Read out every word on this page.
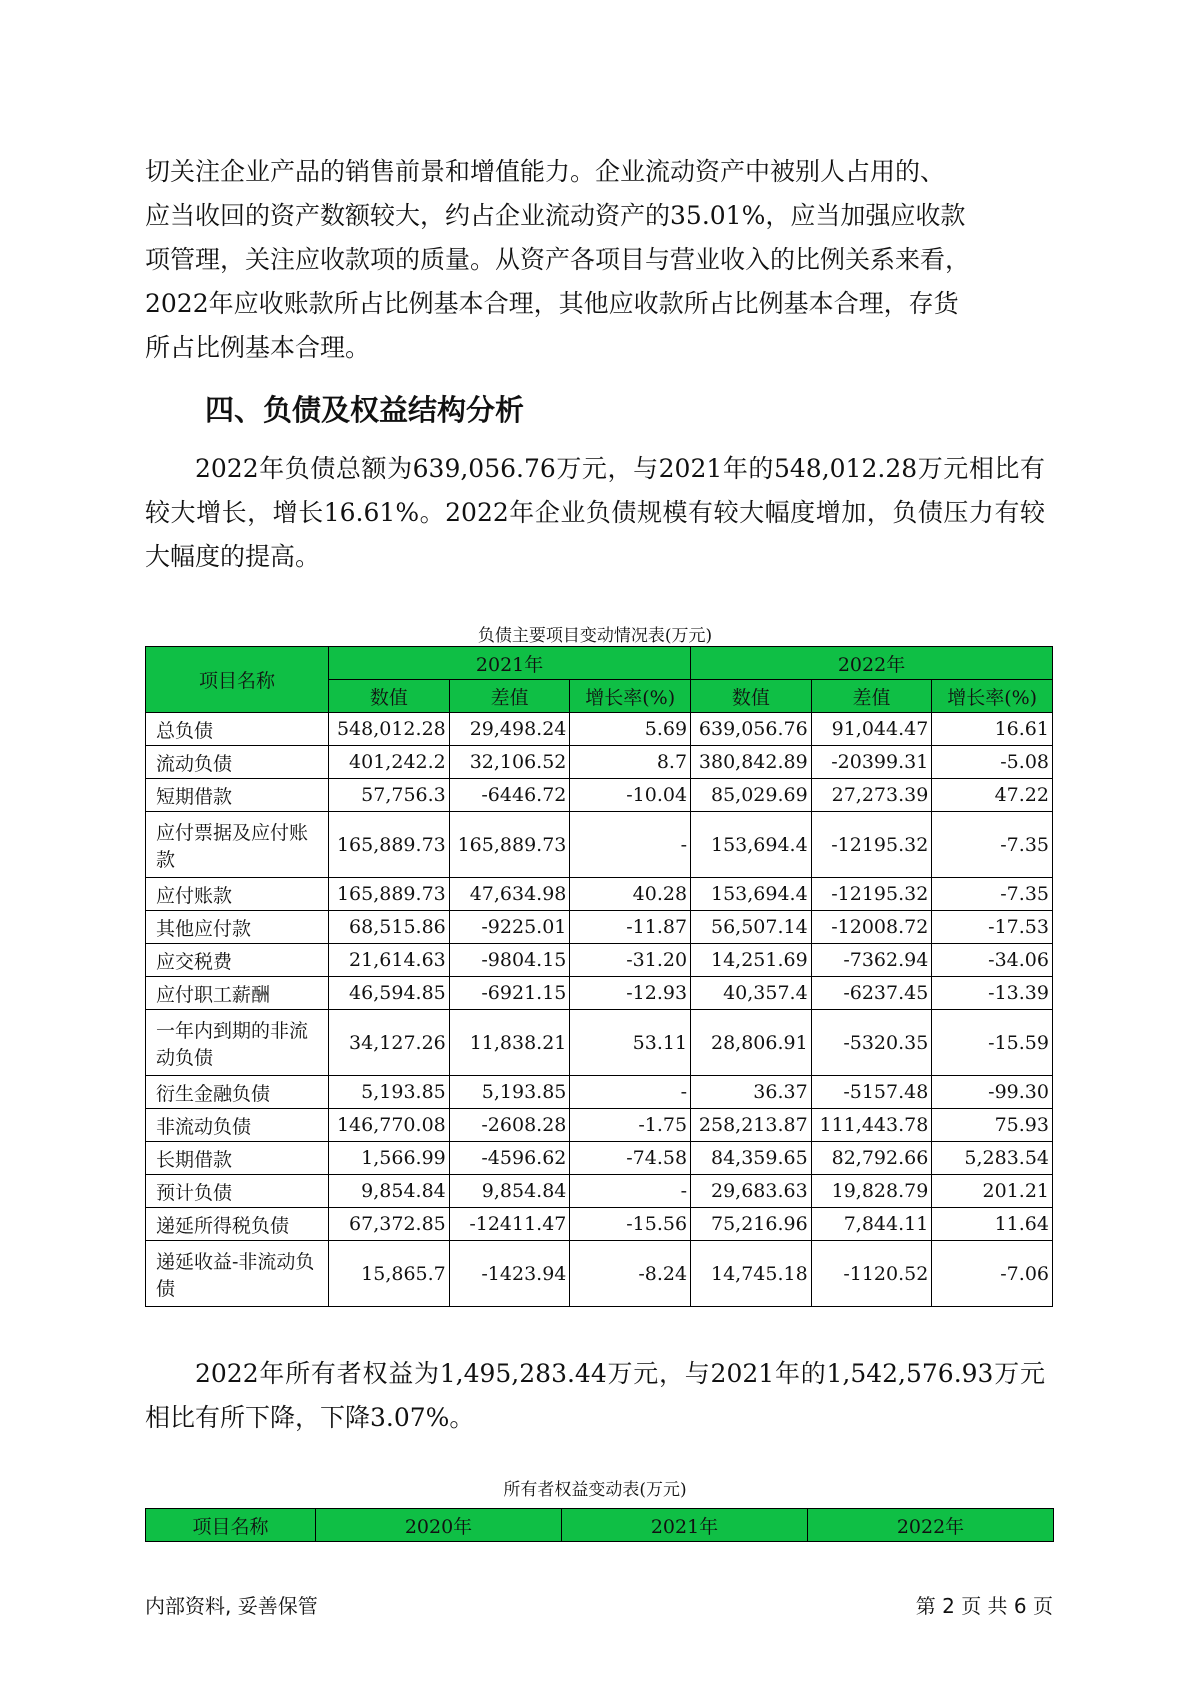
切关注企业产品的销售前景和增值能力。企业流动资产中被别人占用的、

应当收回的资产数额较大，约占企业流动资产的35.01%，应当加强应收款

项管理，关注应收款项的质量。从资产各项目与营业收入的比例关系来看，

2022年应收账款所占比例基本合理，其他应收款所占比例基本合理，存货

所占比例基本合理。

四、负债及权益结构分析
2022年负债总额为639,056.76万元，与2021年的548,012.28万元相比有较大增长，增长16.61%。2022年企业负债规模有较大幅度增加，负债压力有较大幅度的提高。
负债主要项目变动情况表(万元)
项目名称	2021年			2022年		
	数值	差值	增长率(%)	数值	差值	增长率(%)
总负债	548,012.28	29,498.24	5.69	639,056.76	91,044.47	16.61
流动负债	401,242.2	32,106.52	8.7	380,842.89	-20399.31	-5.08
短期借款	57,756.3	-6446.72	-10.04	85,029.69	27,273.39	47.22
应付票据及应付账款	165,889.73	165,889.73	-	153,694.4	-12195.32	-7.35
应付账款	165,889.73	47,634.98	40.28	153,694.4	-12195.32	-7.35
其他应付款	68,515.86	-9225.01	-11.87	56,507.14	-12008.72	-17.53
应交税费	21,614.63	-9804.15	-31.20	14,251.69	-7362.94	-34.06
应付职工薪酬	46,594.85	-6921.15	-12.93	40,357.4	-6237.45	-13.39
一年内到期的非流动负债	34,127.26	11,838.21	53.11	28,806.91	-5320.35	-15.59
衍生金融负债	5,193.85	5,193.85	-	36.37	-5157.48	-99.30
非流动负债	146,770.08	-2608.28	-1.75	258,213.87	111,443.78	75.93
长期借款	1,566.99	-4596.62	-74.58	84,359.65	82,792.66	5,283.54
预计负债	9,854.84	9,854.84	-	29,683.63	19,828.79	201.21
递延所得税负债	67,372.85	-12411.47	-15.56	75,216.96	7,844.11	11.64
递延收益-非流动负债	15,865.7	-1423.94	-8.24	14,745.18	-1120.52	-7.06
2022年所有者权益为1,495,283.44万元，与2021年的1,542,576.93万元相比有所下降，下降3.07%。
所有者权益变动表(万元)
项目名称	2020年	2021年	2022年
内部资料, 妥善保管	第 2 页 共 6 页
